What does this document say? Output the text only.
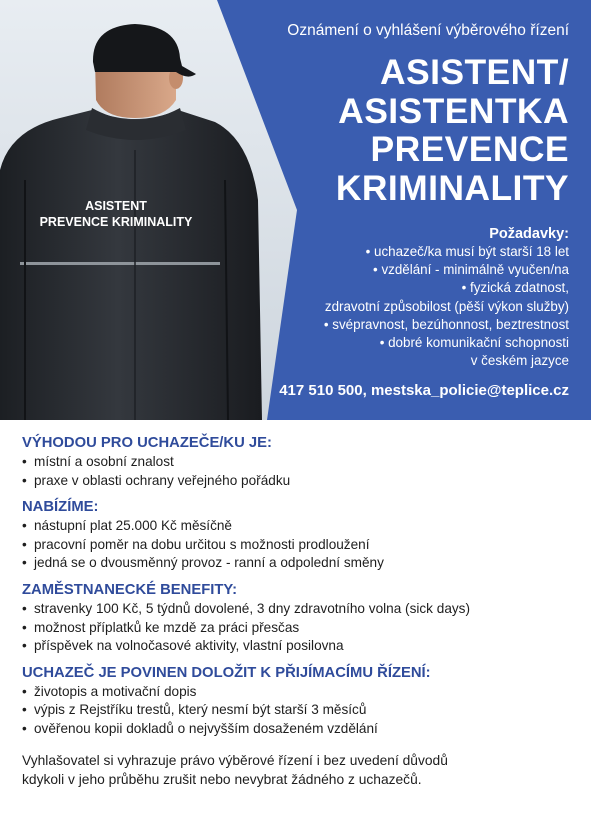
Oznámení o vyhlášení výběrového řízení
ASISTENT/
ASISTENTKA
PREVENCE
KRIMINALITY
ASISTENT
PREVENCE KRIMINALITY
Požadavky:
• uchazeč/ka musí být starší 18 let
• vzdělání - minimálně vyučen/na
• fyzická zdatnost,
zdravotní způsobilost (pěší výkon služby)
• svépravnost, bezúhonnost, beztrestnost
• dobré komunikační schopnosti
v českém jazyce
417 510 500, mestska_policie@teplice.cz
VÝHODOU PRO UCHAZEČE/KU JE:
• místní a osobní znalost
• praxe v oblasti ochrany veřejného pořádku
NABÍZÍME:
• nástupní plat 25.000 Kč měsíčně
• pracovní poměr na dobu určitou s možnosti prodloužení
• jedná se o dvousměnný provoz - ranní a odpolední směny
ZAMĚSTNANECKÉ BENEFITY:
• stravenky 100 Kč, 5 týdnů dovolené, 3 dny zdravotního volna (sick days)
• možnost příplatků ke mzdě za práci přesčas
• příspěvek na volnočasové aktivity, vlastní posilovna
UCHAZEČ JE POVINEN DOLOŽIT K PŘIJÍMACÍMU ŘÍZENÍ:
• životopis a motivační dopis
• výpis z Rejstříku trestů, který nesmí být starší 3 měsíců
• ověřenou kopii dokladů o nejvyšším dosaženém vzdělání
Vyhlašovatel si vyhrazuje právo výběrové řízení i bez uvedení důvodů
kdykoli v jeho průběhu zrušit nebo nevybrat žádného z uchazečů.
